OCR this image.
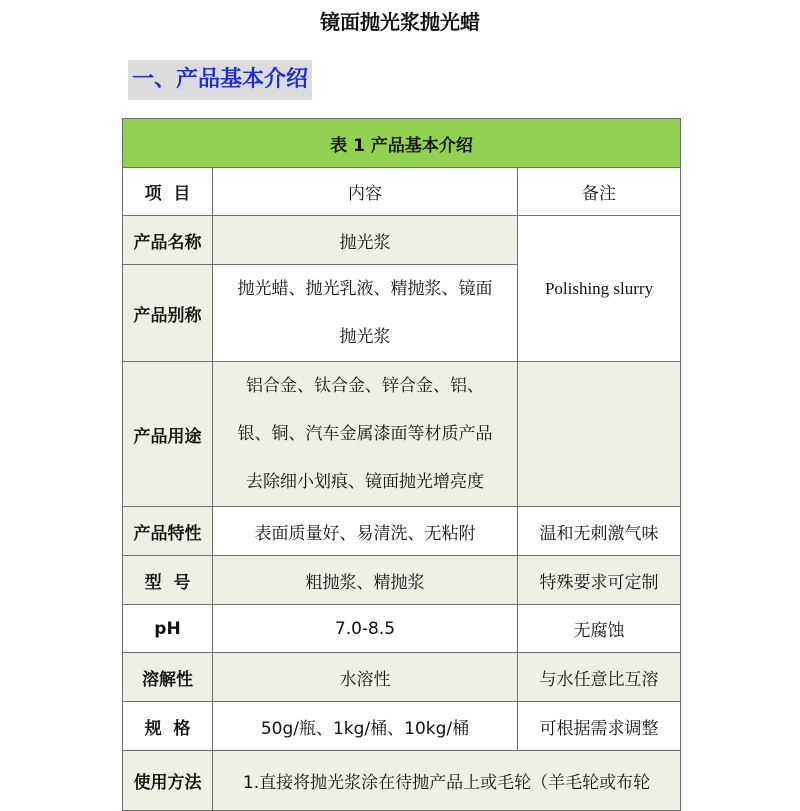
镜面抛光浆抛光蜡
一、产品基本介绍
表 1 产品基本介绍		
项  目	内容	备注
产品名称	抛光浆	Polishing slurry
产品别称	抛光蜡、抛光乳液、精抛浆、镜面
抛光浆	

产品用途	铝合金、钛合金、锌合金、铝、
银、铜、汽车金属漆面等材质产品
去除细小划痕、镜面抛光增亮度	

产品特性	表面质量好、易清洗、无粘附	温和无刺激气味
型  号	粗抛浆、精抛浆	特殊要求可定制
pH	7.0-8.5	无腐蚀
溶解性	水溶性	与水任意比互溶
规  格	50g/瓶、1kg/桶、10kg/桶	可根据需求调整
使用方法	1.直接将抛光浆涂在待抛产品上或毛轮（羊毛轮或布轮	
